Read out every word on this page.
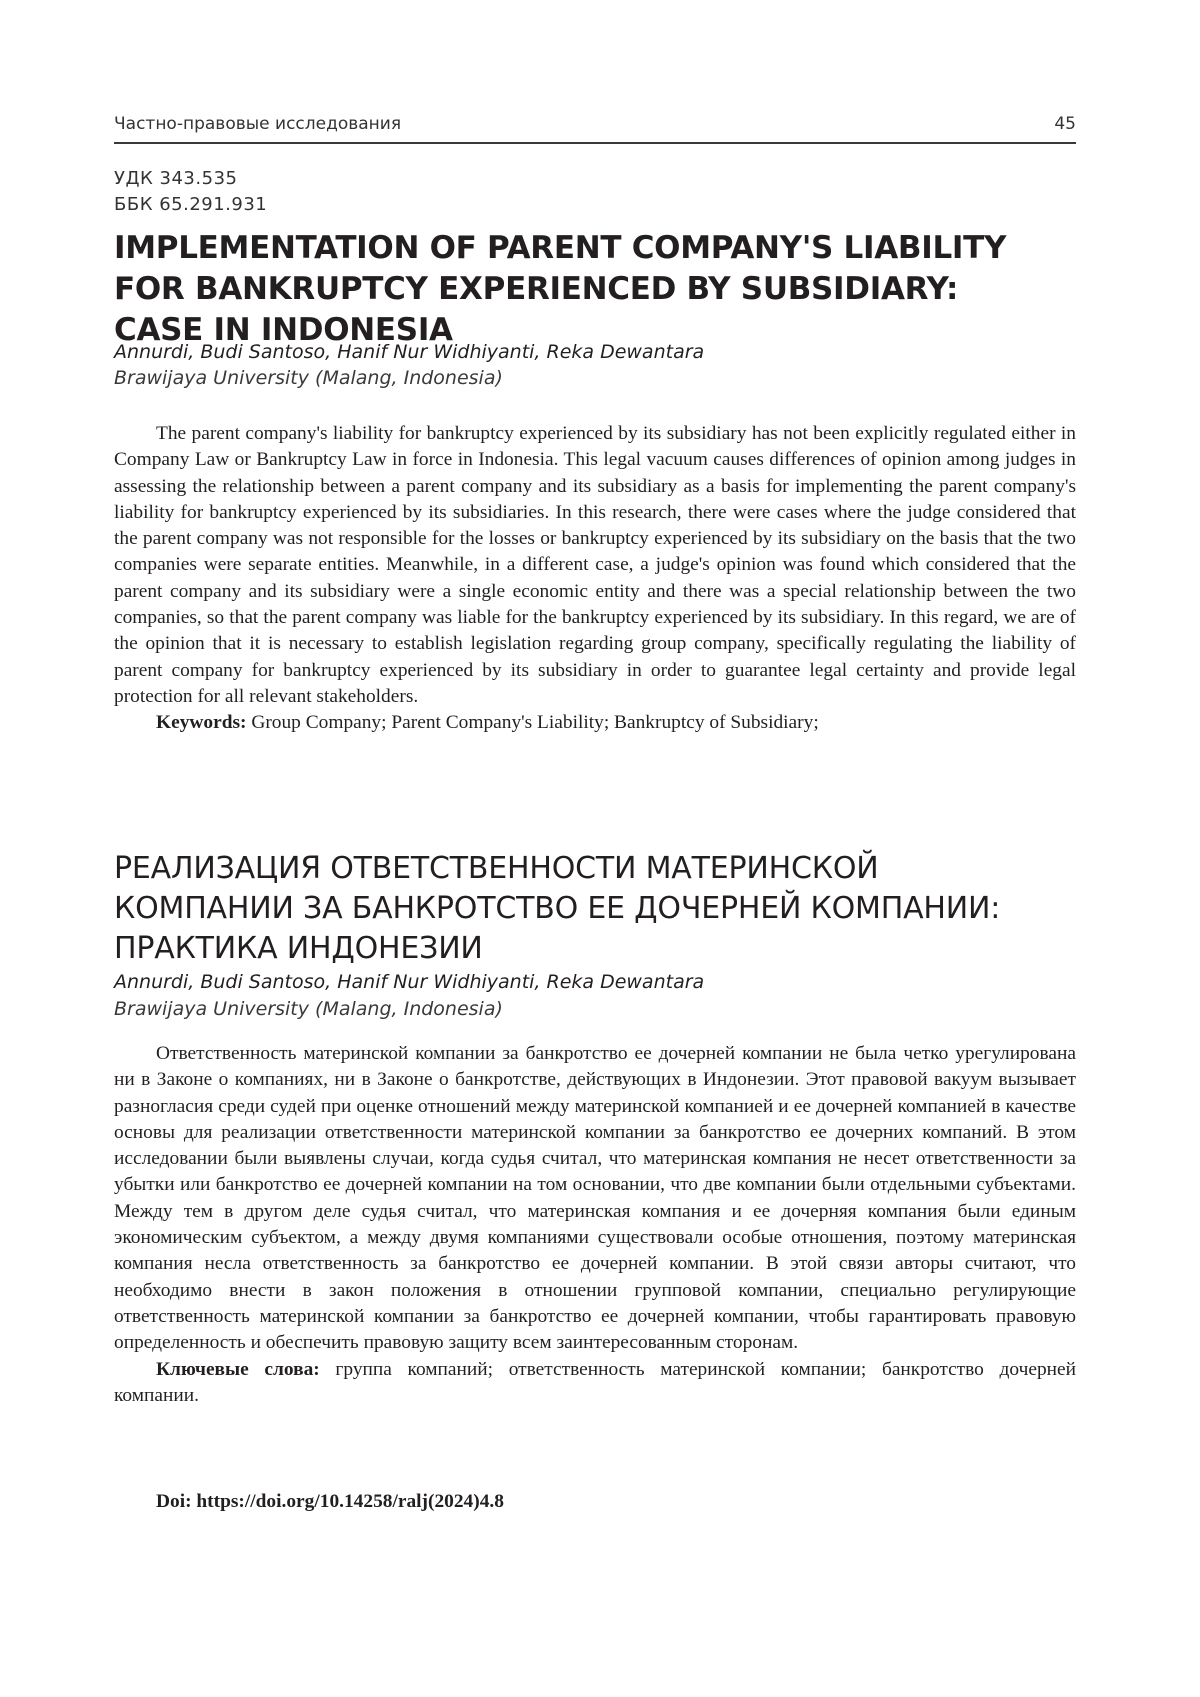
Частно-правовые исследования	45
УДК 343.535
ББК 65.291.931
IMPLEMENTATION OF PARENT COMPANY'S LIABILITY
FOR BANKRUPTCY EXPERIENCED BY SUBSIDIARY:
CASE IN INDONESIA
Annurdi, Budi Santoso, Hanif Nur Widhiyanti, Reka Dewantara
Brawijaya University (Malang, Indonesia)

The parent company's liability for bankruptcy experienced by its subsidiary has not been explicitly regulated either in Company Law or Bankruptcy Law in force in Indonesia. This legal vacuum causes differences of opinion among judges in assessing the relationship between a parent company and its subsidiary as a basis for implementing the parent company's liability for bankruptcy experienced by its subsidiaries. In this research, there were cases where the judge considered that the parent company was not responsible for the losses or bankruptcy experienced by its subsidiary on the basis that the two companies were separate entities. Meanwhile, in a different case, a judge's opinion was found which considered that the parent company and its subsidiary were a single economic entity and there was a special relationship between the two companies, so that the parent company was liable for the bankruptcy experienced by its subsidiary. In this regard, we are of the opinion that it is necessary to establish legislation regarding group company, specifically regulating the liability of parent company for bankruptcy experienced by its subsidiary in order to guarantee legal certainty and provide legal protection for all relevant stakeholders.

Keywords: Group Company; Parent Company's Liability; Bankruptcy of Subsidiary;

РЕАЛИЗАЦИЯ ОТВЕТСТВЕННОСТИ МАТЕРИНСКОЙ
КОМПАНИИ ЗА БАНКРОТСТВО ЕЕ ДОЧЕРНЕЙ КОМПАНИИ:
ПРАКТИКА ИНДОНЕЗИИ
Annurdi, Budi Santoso, Hanif Nur Widhiyanti, Reka Dewantara
Brawijaya University (Malang, Indonesia)

Ответственность материнской компании за банкротство ее дочерней компании не была четко урегулирована ни в Законе о компаниях, ни в Законе о банкротстве, действующих в Индонезии. Этот правовой вакуум вызывает разногласия среди судей при оценке отношений между материнской компанией и ее дочерней компанией в качестве основы для реализации ответственности материнской компании за банкротство ее дочерних компаний. В этом исследовании были выявлены случаи, когда судья считал, что материнская компания не несет ответственности за убытки или банкротство ее дочерней компании на том основании, что две компании были отдельными субъектами. Между тем в другом деле судья считал, что материнская компания и ее дочерняя компания были единым экономическим субъектом, а между двумя компаниями существовали особые отношения, поэтому материнская компания несла ответственность за банкротство ее дочерней компании. В этой связи авторы считают, что необходимо внести в закон положения в отношении групповой компании, специально регулирующие ответственность материнской компании за банкротство ее дочерней компании, чтобы гарантировать правовую определенность и обеспечить правовую защиту всем заинтересованным сторонам.

Ключевые слова: группа компаний; ответственность материнской компании; банкротство дочерней компании.

Doi: https://doi.org/10.14258/ralj(2024)4.8
